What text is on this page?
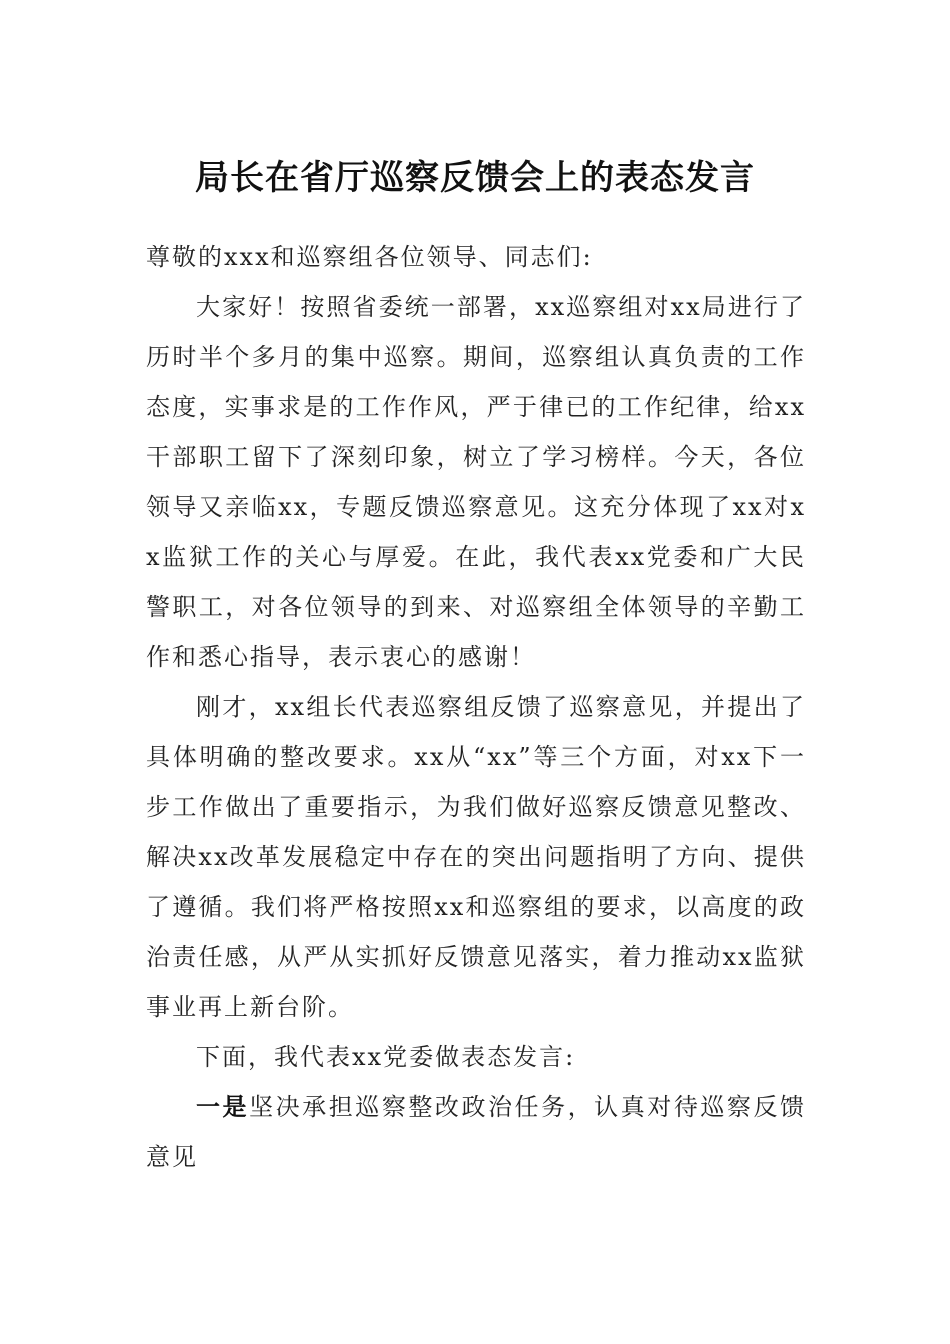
局长在省厅巡察反馈会上的表态发言

尊敬的xxx和巡察组各位领导、同志们:

大家好！按照省委统一部署，xx巡察组对xx局进行了历时半个多月的集中巡察。期间，巡察组认真负责的工作态度，实事求是的工作作风，严于律已的工作纪律，给xx干部职工留下了深刻印象，树立了学习榜样。今天，各位领导又亲临xx，专题反馈巡察意见。这充分体现了xx对xx监狱工作的关心与厚爱。在此，我代表xx党委和广大民警职工，对各位领导的到来、对巡察组全体领导的辛勤工作和悉心指导，表示衷心的感谢！

刚才，xx组长代表巡察组反馈了巡察意见，并提出了具体明确的整改要求。xx从“xx”等三个方面，对xx下一步工作做出了重要指示，为我们做好巡察反馈意见整改、解决xx改革发展稳定中存在的突出问题指明了方向、提供了遵循。我们将严格按照xx和巡察组的要求，以高度的政治责任感，从严从实抓好反馈意见落实，着力推动xx监狱事业再上新台阶。

下面，我代表xx党委做表态发言:

一是坚决承担巡察整改政治任务，认真对待巡察反馈意见
